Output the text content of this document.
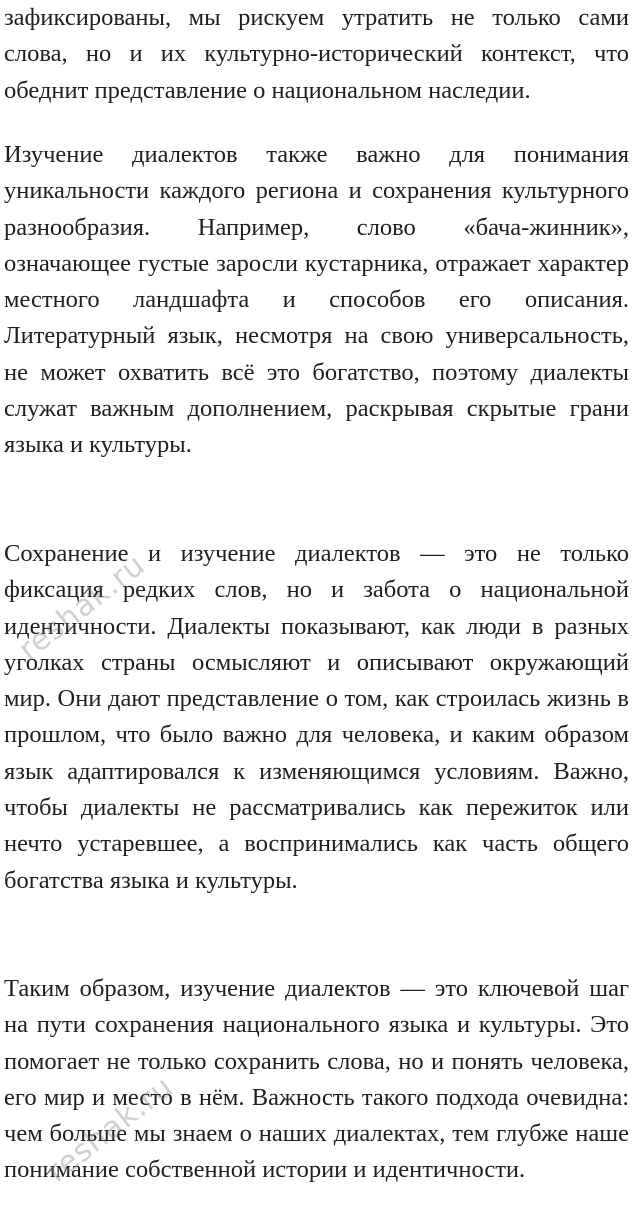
зафиксированы, мы рискуем утратить не только сами слова, но и их культурно-исторический контекст, что обеднит представление о национальном наследии.

Изучение диалектов также важно для понимания уникальности каждого региона и сохранения культурного разнообразия. Например, слово «бача-жинник», означающее густые заросли кустарника, отражает характер местного ландшафта и способов его описания. Литературный язык, несмотря на свою универсальность, не может охватить всё это богатство, поэтому диалекты служат важным дополнением, раскрывая скрытые грани языка и культуры.

Сохранение и изучение диалектов — это не только фиксация редких слов, но и забота о национальной идентичности. Диалекты показывают, как люди в разных уголках страны осмысляют и описывают окружающий мир. Они дают представление о том, как строилась жизнь в прошлом, что было важно для человека, и каким образом язык адаптировался к изменяющимся условиям. Важно, чтобы диалекты не рассматривались как пережиток или нечто устаревшее, а воспринимались как часть общего богатства языка и культуры.

Таким образом, изучение диалектов — это ключевой шаг на пути сохранения национального языка и культуры. Это помогает не только сохранить слова, но и понять человека, его мир и место в нём. Важность такого подхода очевидна: чем больше мы знаем о наших диалектах, тем глубже наше понимание собственной истории и идентичности.

reshak.ru
reshak.ru
